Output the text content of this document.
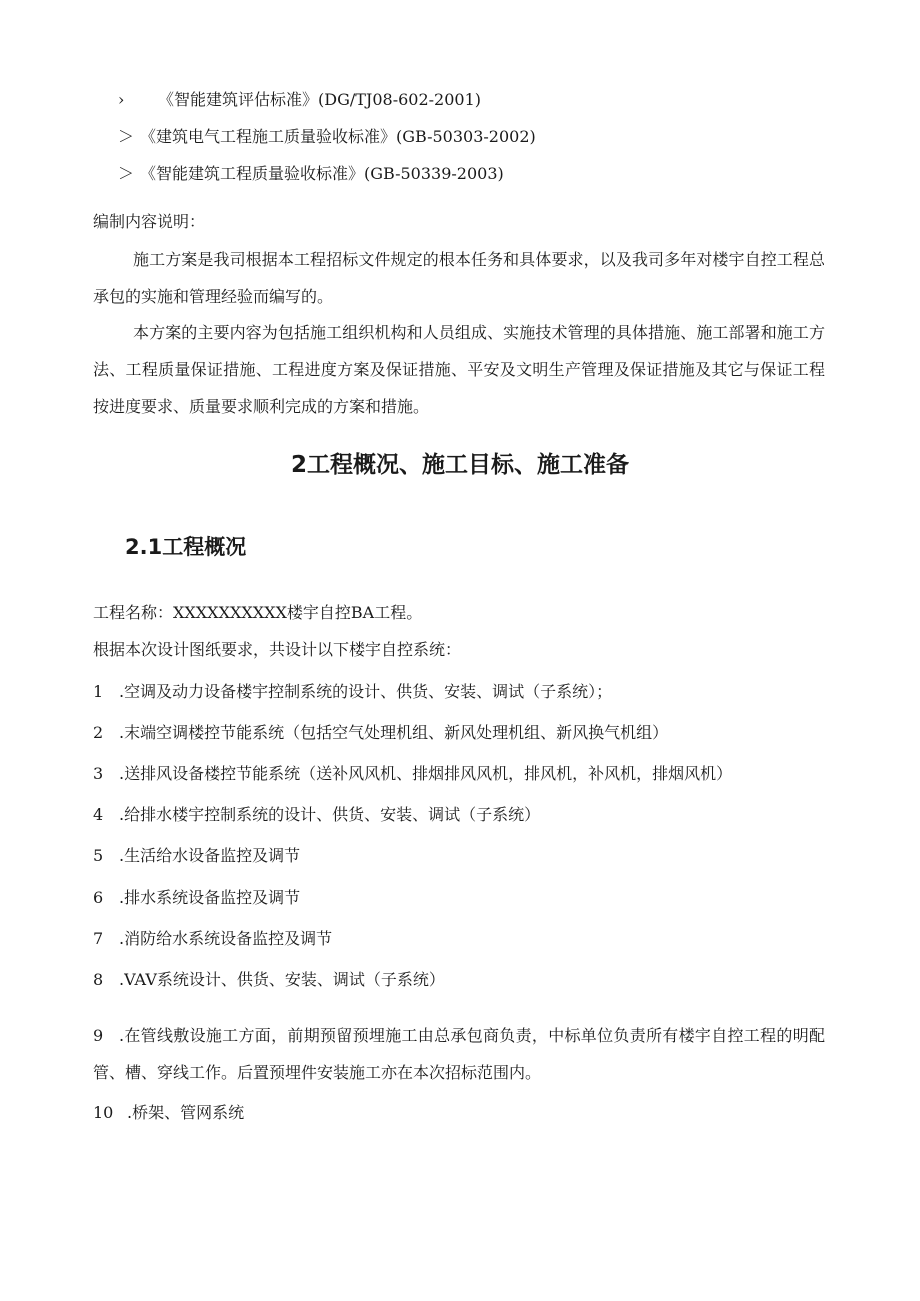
› 《智能建筑评估标准》(DG/TJ08-602-2001)
＞ 《建筑电气工程施工质量验收标准》(GB-50303-2002)
＞ 《智能建筑工程质量验收标准》(GB-50339-2003)
编制内容说明：

施工方案是我司根据本工程招标文件规定的根本任务和具体要求，以及我司多年对楼宇自控工程总承包的实施和管理经验而编写的。

本方案的主要内容为包括施工组织机构和人员组成、实施技术管理的具体措施、施工部署和施工方法、工程质量保证措施、工程进度方案及保证措施、平安及文明生产管理及保证措施及其它与保证工程按进度要求、质量要求顺利完成的方案和措施。

2工程概况、施工目标、施工准备
2.1工程概况
工程名称：XXXXXXXXXX楼宇自控BA工程。
根据本次设计图纸要求，共设计以下楼宇自控系统：
1 .空调及动力设备楼宇控制系统的设计、供货、安装、调试（子系统）；
2 .末端空调楼控节能系统（包括空气处理机组、新风处理机组、新风换气机组）
3 .送排风设备楼控节能系统（送补风风机、排烟排风风机，排风机，补风机，排烟风机）
4 .给排水楼宇控制系统的设计、供货、安装、调试（子系统）
5 .生活给水设备监控及调节
6 .排水系统设备监控及调节
7 .消防给水系统设备监控及调节
8 .VAV系统设计、供货、安装、调试（子系统）

9 .在管线敷设施工方面，前期预留预埋施工由总承包商负责，中标单位负责所有楼宇自控工程的明配管、槽、穿线工作。后置预埋件安装施工亦在本次招标范围内。

10 .桥架、管网系统
